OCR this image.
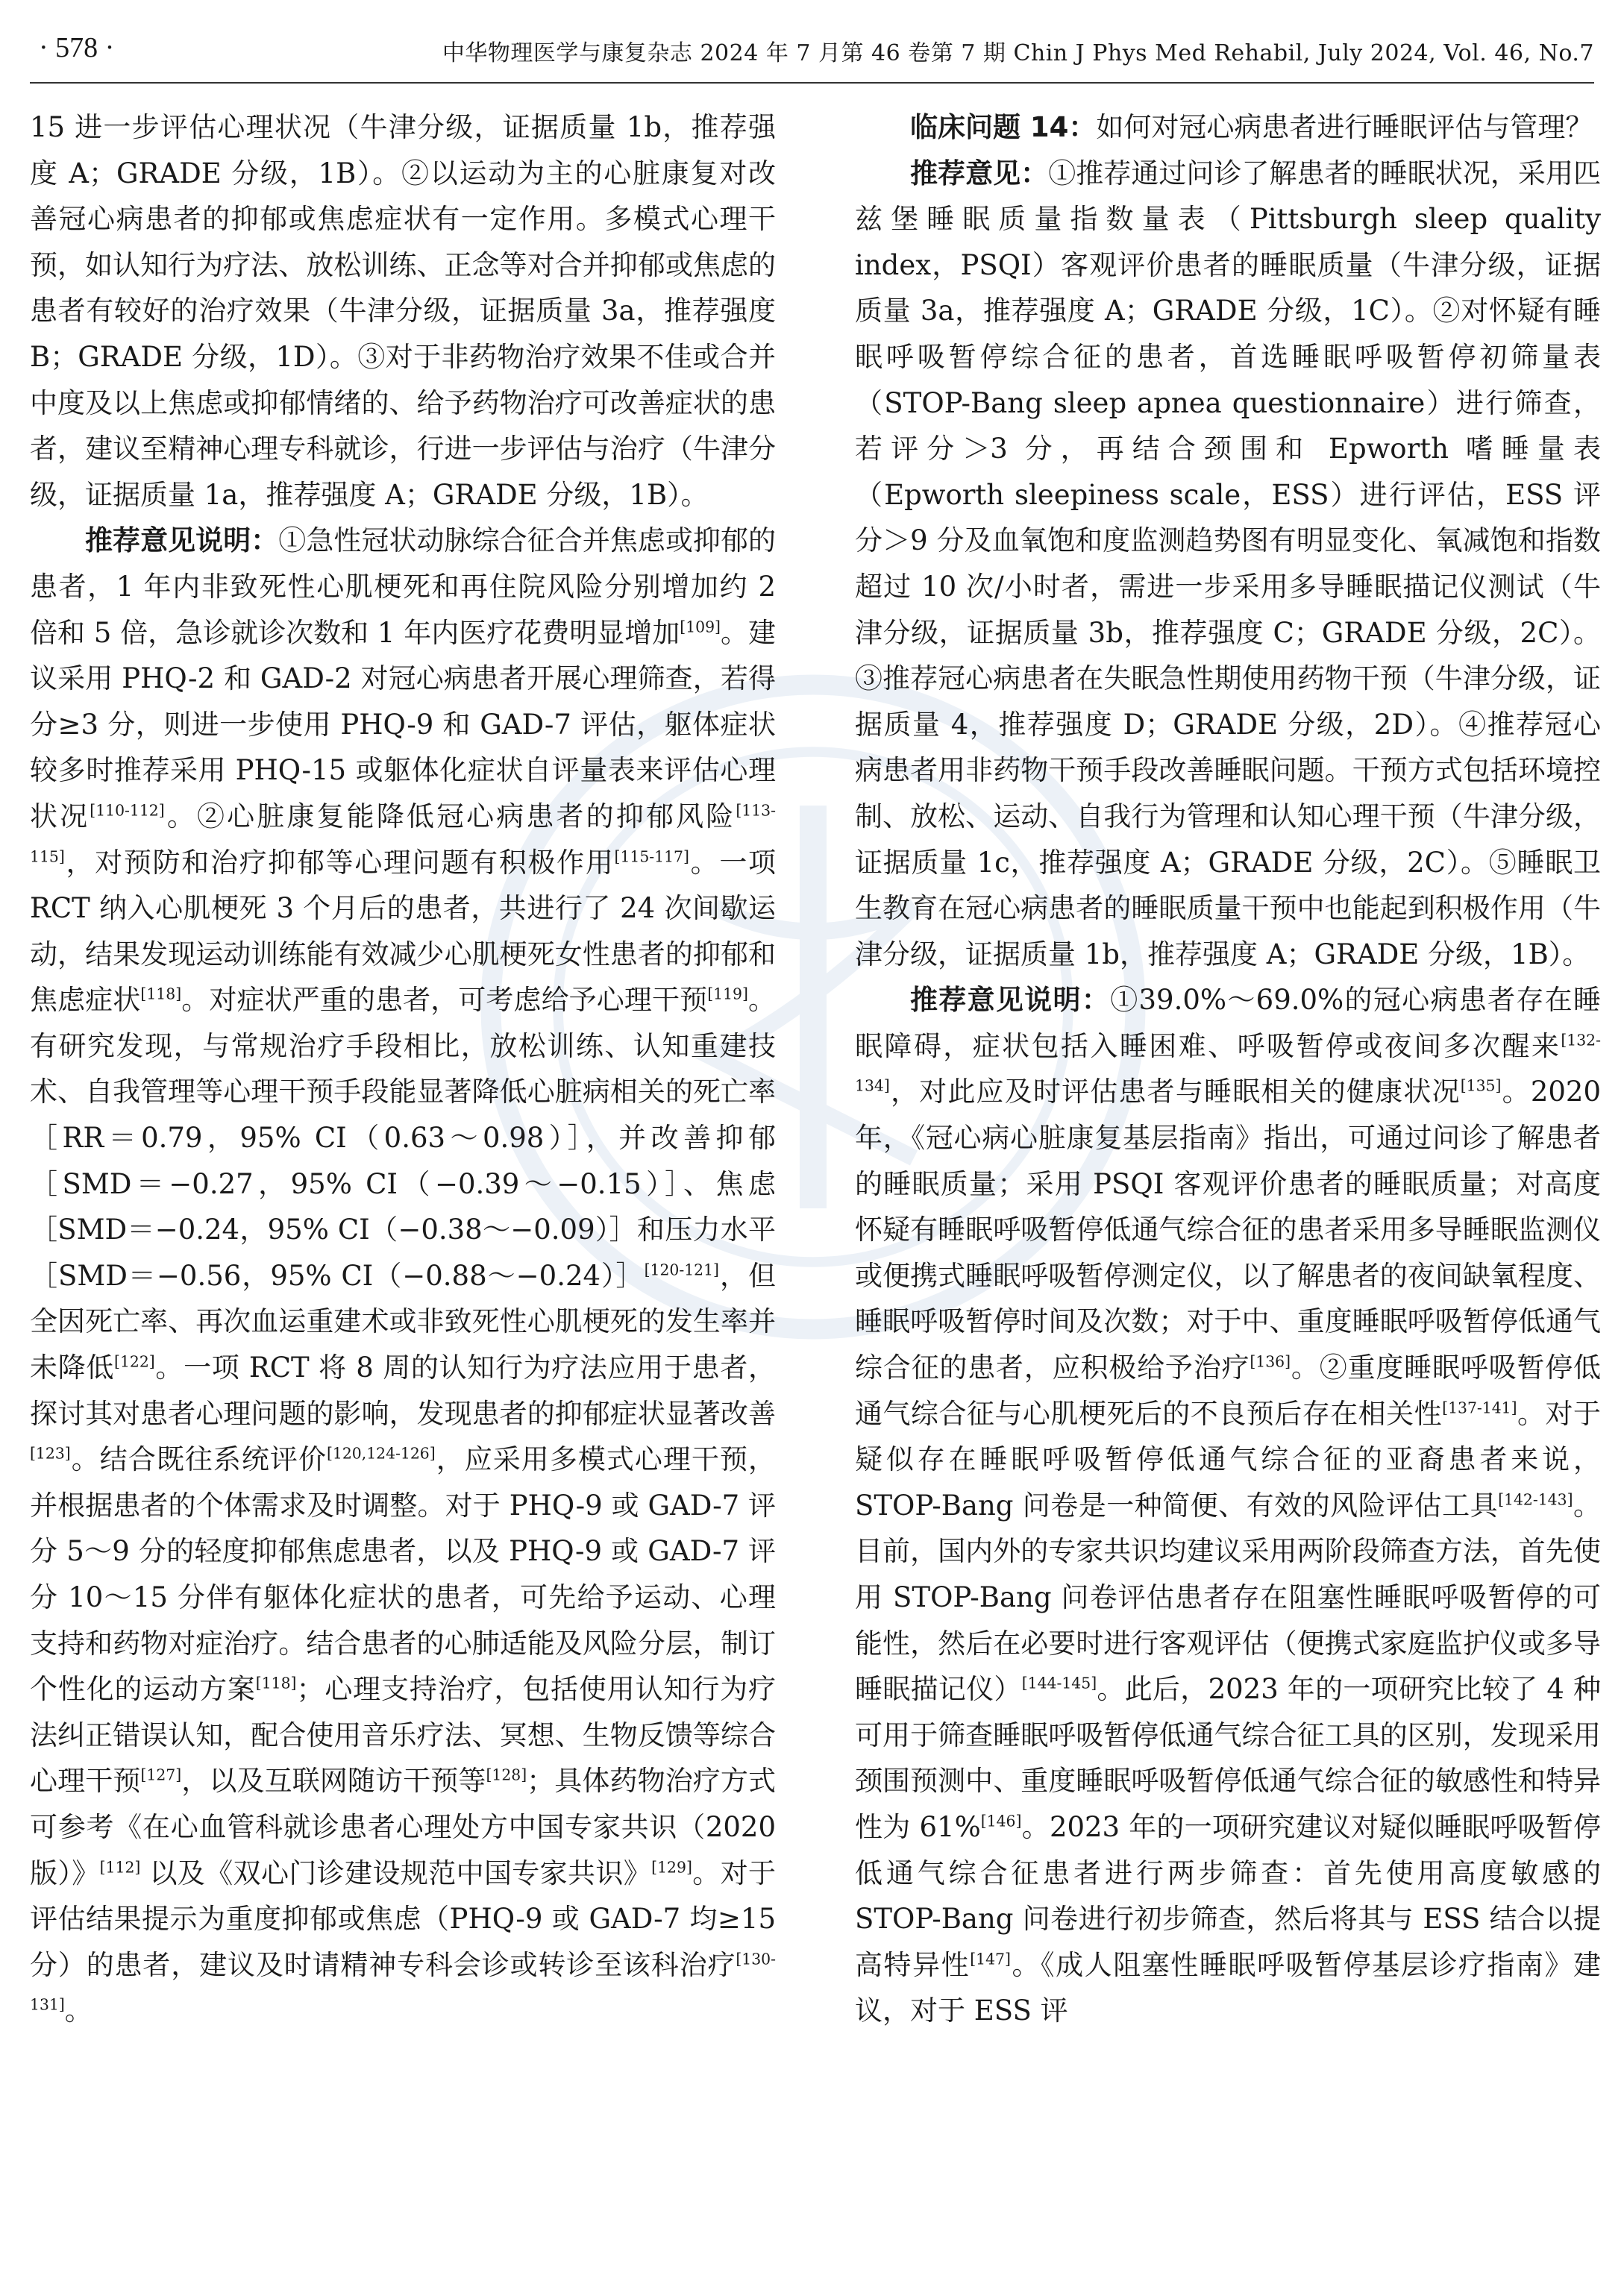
· 578 ·	中华物理医学与康复杂志 2024 年 7 月第 46 卷第 7 期 Chin J Phys Med Rehabil, July 2024, Vol. 46, No.7

15 进一步评估心理状况（牛津分级，证据质量 1b，推荐强度 A；GRADE 分级，1B）。②以运动为主的心脏康复对改善冠心病患者的抑郁或焦虑症状有一定作用。多模式心理干预，如认知行为疗法、放松训练、正念等对合并抑郁或焦虑的患者有较好的治疗效果（牛津分级，证据质量 3a，推荐强度 B；GRADE 分级，1D）。③对于非药物治疗效果不佳或合并中度及以上焦虑或抑郁情绪的、给予药物治疗可改善症状的患者，建议至精神心理专科就诊，行进一步评估与治疗（牛津分级，证据质量 1a，推荐强度 A；GRADE 分级，1B）。

推荐意见说明：①急性冠状动脉综合征合并焦虑或抑郁的患者，1 年内非致死性心肌梗死和再住院风险分别增加约 2 倍和 5 倍，急诊就诊次数和 1 年内医疗花费明显增加[109]。建议采用 PHQ-2 和 GAD-2 对冠心病患者开展心理筛查，若得分≥3 分，则进一步使用 PHQ-9 和 GAD-7 评估，躯体症状较多时推荐采用 PHQ-15 或躯体化症状自评量表来评估心理状况[110-112]。②心脏康复能降低冠心病患者的抑郁风险[113-115]，对预防和治疗抑郁等心理问题有积极作用[115-117]。一项 RCT 纳入心肌梗死 3 个月后的患者，共进行了 24 次间歇运动，结果发现运动训练能有效减少心肌梗死女性患者的抑郁和焦虑症状[118]。对症状严重的患者，可考虑给予心理干预[119]。有研究发现，与常规治疗手段相比，放松训练、认知重建技术、自我管理等心理干预手段能显著降低心脏病相关的死亡率［RR＝0.79，95% CI（0.63～0.98）］，并改善抑郁［SMD＝−0.27，95% CI（−0.39～−0.15）］、焦虑［SMD＝−0.24，95% CI（−0.38～−0.09）］和压力水平［SMD＝−0.56，95% CI（−0.88～−0.24）］[120-121]，但全因死亡率、再次血运重建术或非致死性心肌梗死的发生率并未降低[122]。一项 RCT 将 8 周的认知行为疗法应用于患者，探讨其对患者心理问题的影响，发现患者的抑郁症状显著改善[123]。结合既往系统评价[120,124-126]，应采用多模式心理干预，并根据患者的个体需求及时调整。对于 PHQ-9 或 GAD-7 评分 5～9 分的轻度抑郁焦虑患者，以及 PHQ-9 或 GAD-7 评分 10～15 分伴有躯体化症状的患者，可先给予运动、心理支持和药物对症治疗。结合患者的心肺适能及风险分层，制订个性化的运动方案[118]；心理支持治疗，包括使用认知行为疗法纠正错误认知，配合使用音乐疗法、冥想、生物反馈等综合心理干预[127]，以及互联网随访干预等[128]；具体药物治疗方式可参考《在心血管科就诊患者心理处方中国专家共识（2020 版）》[112] 以及《双心门诊建设规范中国专家共识》[129]。对于评估结果提示为重度抑郁或焦虑（PHQ-9 或 GAD-7 均≥15 分）的患者，建议及时请精神专科会诊或转诊至该科治疗[130-131]。

临床问题 14：如何对冠心病患者进行睡眠评估与管理？

推荐意见：①推荐通过问诊了解患者的睡眠状况，采用匹兹堡睡眠质量指数量表（Pittsburgh sleep quality index，PSQI）客观评价患者的睡眠质量（牛津分级，证据质量 3a，推荐强度 A；GRADE 分级，1C）。②对怀疑有睡眠呼吸暂停综合征的患者，首选睡眠呼吸暂停初筛量表（STOP-Bang sleep apnea questionnaire）进行筛查，若评分＞3 分，再结合颈围和 Epworth 嗜睡量表（Epworth sleepiness scale，ESS）进行评估，ESS 评分＞9 分及血氧饱和度监测趋势图有明显变化、氧减饱和指数超过 10 次/小时者，需进一步采用多导睡眠描记仪测试（牛津分级，证据质量 3b，推荐强度 C；GRADE 分级，2C）。③推荐冠心病患者在失眠急性期使用药物干预（牛津分级，证据质量 4，推荐强度 D；GRADE 分级，2D）。④推荐冠心病患者用非药物干预手段改善睡眠问题。干预方式包括环境控制、放松、运动、自我行为管理和认知心理干预（牛津分级，证据质量 1c，推荐强度 A；GRADE 分级，2C）。⑤睡眠卫生教育在冠心病患者的睡眠质量干预中也能起到积极作用（牛津分级，证据质量 1b，推荐强度 A；GRADE 分级，1B）。

推荐意见说明：①39.0%～69.0%的冠心病患者存在睡眠障碍，症状包括入睡困难、呼吸暂停或夜间多次醒来[132-134]，对此应及时评估患者与睡眠相关的健康状况[135]。2020 年，《冠心病心脏康复基层指南》指出，可通过问诊了解患者的睡眠质量；采用 PSQI 客观评价患者的睡眠质量；对高度怀疑有睡眠呼吸暂停低通气综合征的患者采用多导睡眠监测仪或便携式睡眠呼吸暂停测定仪，以了解患者的夜间缺氧程度、睡眠呼吸暂停时间及次数；对于中、重度睡眠呼吸暂停低通气综合征的患者，应积极给予治疗[136]。②重度睡眠呼吸暂停低通气综合征与心肌梗死后的不良预后存在相关性[137-141]。对于疑似存在睡眠呼吸暂停低通气综合征的亚裔患者来说，STOP-Bang 问卷是一种简便、有效的风险评估工具[142-143]。目前，国内外的专家共识均建议采用两阶段筛查方法，首先使用 STOP-Bang 问卷评估患者存在阻塞性睡眠呼吸暂停的可能性，然后在必要时进行客观评估（便携式家庭监护仪或多导睡眠描记仪）[144-145]。此后，2023 年的一项研究比较了 4 种可用于筛查睡眠呼吸暂停低通气综合征工具的区别，发现采用颈围预测中、重度睡眠呼吸暂停低通气综合征的敏感性和特异性为 61%[146]。2023 年的一项研究建议对疑似睡眠呼吸暂停低通气综合征患者进行两步筛查：首先使用高度敏感的 STOP-Bang 问卷进行初步筛查，然后将其与 ESS 结合以提高特异性[147]。《成人阻塞性睡眠呼吸暂停基层诊疗指南》建议，对于 ESS 评
